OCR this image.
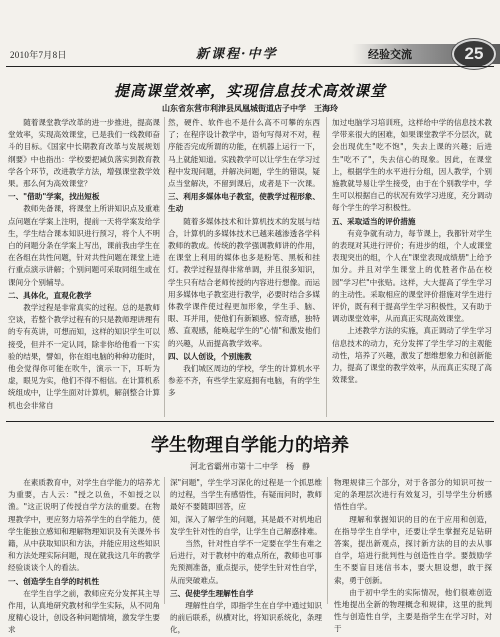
2010年7月8日	新课程·中学	经验交流	25
提高课堂效率，实现信息技术高效课堂
山东省东营市利津县凤凰城街道店子中学　王海玲

随着课堂教学改革的进一步推进，提高课堂效率，实现高效课堂，已是我们一线教师奋斗的目标。《国家中长期教育改革与发展规划纲要》中也指出：学校要把减负落实到教育教学各个环节，改进教学方法，增强课堂教学效果。那么何为高效课堂？

一、"借助"学案，找出短板

教师先备课，将课堂上所讲知识点及重难点问题在学案上注明，提前一天将学案发给学生，学生结合课本知识进行预习，将个人不明白的问题分条在学案上写出，课前我由学生在在各组在共性问题，针对共性问题在课堂上进行重点演示讲解；个别问题可采取同组生或在课间分个别辅导。

二、具体化，直观化教学

教学过程是非常真实的过程。总的是教师空谈，若整个教学过程有的只是教师理讲理有的专有英讲，可想而知，这样的知识学生可以接受，但并不一定认同，除非你给他看一下实验的结果，譬如，你在组电脑的种种功能时，他会觉得你可能在吹牛，演示一下，耳听为虚，眼见为实，他们不得不相信。在计算机系统组成中，让学生面对计算机，解剖整合计算机也会非常自

然，硬件、软件也不是什么高不可攀的东西了；在程序设计教学中，语句写得对不对，程序能否完成所谓的功能，在机器上运行一下，马上就能知道。实践教学可以让学生在学习过程中发现问题，并解决问题，学生的错误，疑点当堂解决，不留到课后，成者是下一次课。

三、利用多媒体电子教室，使教学过程形象、生动

随着多媒体技术和计算机技术的发展与结合，计算机的多媒体技术已越来越渗透各学科教师的教成。传统的教学强调教师讲的作用，在课堂上利用的媒体也多是粉笔、黑板和挂灯。教学过程显得非常单调，并且很多知识，学生只有结合老师传授的内容进行想像。而运用多媒体电子教室进行教学，必要时结合多媒体教学课件使过程更加形象，学生手、脑、眼、耳并用，使他们有新颖感、惊奇感，独特感、直观感，能唤起学生的"心情"和激发他们的兴趣，从而提高教学效率。

四、以人创设，个别施教

我们城区周边的学校，学生的计算机水平参差不齐，有些学生家庭拥有电脑，有的学生多

加过电脑学习培训班，这样给中学的信息技术教学带来很大的困难，如果课堂教学不分层次，就会出现优生"吃不饱"，失去上课的兴趣；后进生"吃不了"，失去信心的现象。因此，在课堂上，根据学生的水平进行分组，因人教学，个别施教就导易让学生接受，由于在个别教学中，学生可以根据自己的状况有效学习进度，充分调动每个学生的学习积极性。

五、采取适当的评价措施

有竞争就有动力，每节课上，我都针对学生的表现对其进行评价；有进步的组，个人或课堂表现突出的组，个人在"课堂表现成绩册"上给予加分。并且对学生课堂上的优胜者作品在校园"学习栏"中张贴。这样，大大提高了学生学习的主动性。采取相应的课堂评价措施对学生进行评价，既有利于提高学生学习积极性，又有助于调动课堂效率，从而真正实现高效课堂。

上述教学方法的实施，真正调动了学生学习信息技术的动力，充分发挥了学生学习的主观能动性，培养了兴趣，激发了想维想象力和创新能力，提高了课堂的教学效率，从而真正实现了高效课堂。

学生物理自学能力的培养
河北省霸州市第十二中学　杨　静

在素质教育中，对学生自学能力的培养尤为重要，古人云："授之以鱼，不如授之以渔。"这正说明了传授自学方法的重要。在物理教学中，更应努力培养学生的自学能力，使学生能独立感知和理解物理知识及有关课外书籍，从中获取知识和方法，并能应用这些知识和方法处理实际问题，现在就我这几年的教学经验谈谈个人的看法。

一、创造学生自学的时机性

在学生自学之前，教师应充分发挥其主导作用，认真地研究教材和学生实际，从不同角度精心设计，创设各种问题情境，激发学生要求

深"问题"，学生学习深化的过程是一个抓思维的过程，当学生有感悟性，有疑而问时，教师最好不要随即回答，应

知，深入了解学生的问题，其是最不对机地启发学生针对性的自学，让学生自己解惑排难。

当然，针对性自学不一定要在学生有难之后进行，对于教材中的难点所在，教师也可事先预测准备，重点提示，使学生针对性自学，从而突破难点。

三、促使学生理解性自学

理解性自学，即指学生在自学中通过知识的前后联系，纵横对比，将知识系统化，条理化，

物理规律三个部分，对于各部分的知识可按一定的条理层次进行有效复习，引导学生分析感悟性自学。

理解和掌握知识的目的在于应用和创造，在指导学生自学中，还要让学生掌握充足钻研答案，提出新观点，探讨新方法的目的去从事自学，培进行批判性与创造性自学。要鼓励学生不要盲目迷信书本，要大胆设想，敢于探索，勇于创新。

由于初中学生的实际情况，他们很难创造性地提出全新的物理概念和规律，这里的批判性与创造性自学，主要是指学生在学习时，对于
